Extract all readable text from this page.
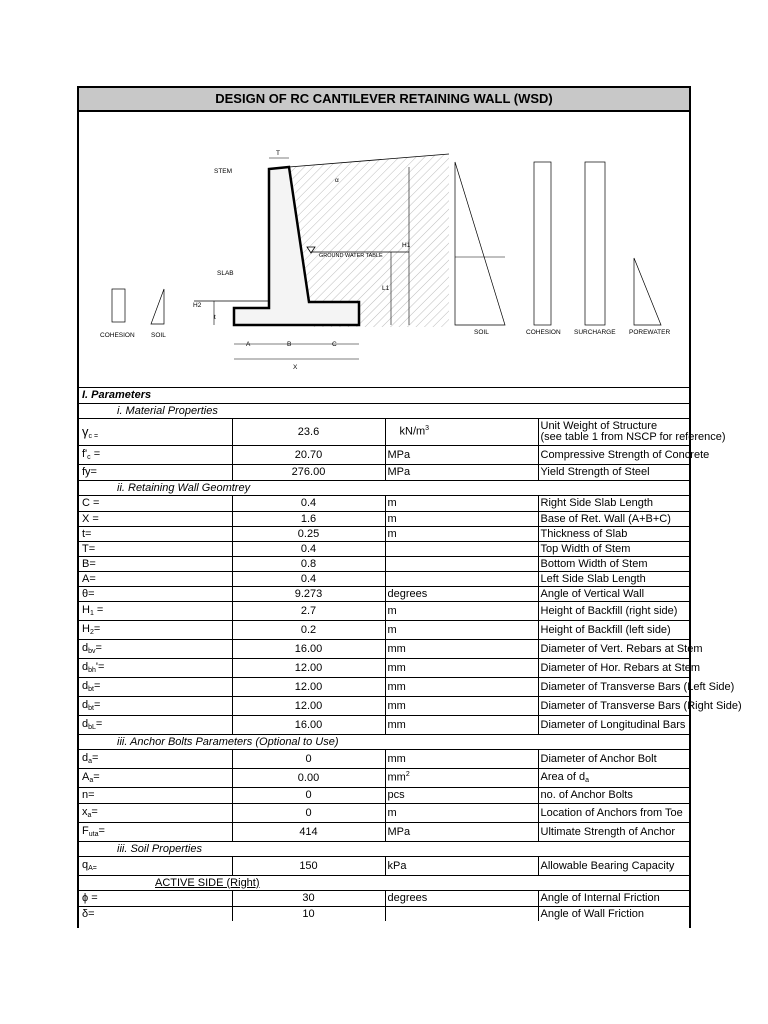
DESIGN OF RC CANTILEVER RETAINING WALL (WSD)
STEM
T
α
GROUND WATER TABLE
H1
L1
SLAB
H2
t
A	B	C
X
COHESION	SOIL	SOIL	COHESION SURCHARGE POREWATER
I. Parameters			
i. Material Properties			
$\gamma_{c =}$	23.6	$kN/m^3$	Unit Weight of Structure
(see table 1 from NSCP for reference)

$f'_c$ =	20.70	MPa	Compressive Strength of Concrete
fy=	276.00	MPa	Yield Strength of Steel
ii. Retaining Wall Geomtrey			
C =	0.4	m	Right Side Slab Length
X =	1.6	m	Base of Ret. Wall (A+B+C)
t=	0.25	m	Thickness of Slab
T=	0.4		Top Width of Stem
B=	0.8		Bottom Width of Stem
A=	0.4		Left Side Slab Length
θ=	9.273	degrees	Angle of Vertical Wall
$H_1$ =	2.7	m	Height of Backfill (right side)
$H_2=$	0.2	m	Height of Backfill (left side)
$d_{bv}=$	16.00	mm	Diameter of Vert. Rebars at Stem
$d_{bh}'=$	12.00	mm	Diameter of Hor. Rebars at Stem
$d_{bt}=$	12.00	mm	Diameter of Transverse Bars (Left Side)
$d_{bt}=$	12.00	mm	Diameter of Transverse Bars (Right Side)
$d_{bL}=$	16.00	mm	Diameter of Longitudinal Bars
iii. Anchor Bolts Parameters (Optional to Use)			
$d_a=$	0	mm	Diameter of Anchor Bolt
$A_a=$	0.00	$mm^2$	Area of $d_a$
n=	0	pcs	no. of Anchor Bolts
$x_a=$	0	m	Location of Anchors from Toe
$F_{uta}=$	414	MPa	Ultimate Strength of Anchor
iii. Soil Properties			
$q_{A=}$	150	kPa	Allowable Bearing Capacity
ACTIVE SIDE (Right)			
ϕ =	30	degrees	Angle of Internal Friction
δ=	10		Angle of Wall Friction
